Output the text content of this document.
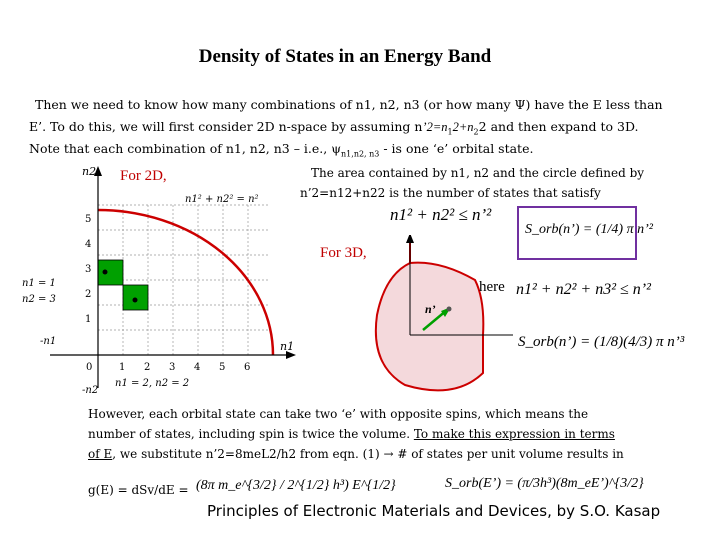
Density of States in an Energy Band
Then we need to know how many combinations of n1, n2, n3 (or how many Ψ) have the E less than
E’. To do this, we will first consider 2D n-space by assuming $n’2=n_12+n_22$ and then expand to 3D.
Note that each combination of n1, n2, n3 – i.e., $\psi_{n1,n2, n3}$ - is one ‘e’ orbital state.
For 2D,	The area contained by n1, n2 and the circle defined by
n’2=n12+n22 is the number of states that satisfy
n2
n1
n1² + n2² = n²
5
4
3
2
1
0	1 2 3 4 5 6
n1 = 1
n2 = 3
-n1
n1 = 2, n2 = 2
-n2
n1² + n2² ≤ n’²
S_orb(n’) = (1/4) π n’²
For 3D,
n’
here n1² + n2² + n3² ≤ n’²
S_orb(n’) = (1/8)(4/3) π n’³
However, each orbital state can take two ‘e’ with opposite spins, which means the
number of states, including spin is twice the volume. To make this expression in terms
of E, we substitute n’2=8meL2/h2 from eqn. (1) → # of states per unit volume results in
g(E) = dSv/dE = (8π m_e^{3/2} / 2^{1/2} h³) E^{1/2}	S_orb(E’) = (π/3h³)(8m_eE’)^{3/2}
Principles of Electronic Materials and Devices, by S.O. Kasap
